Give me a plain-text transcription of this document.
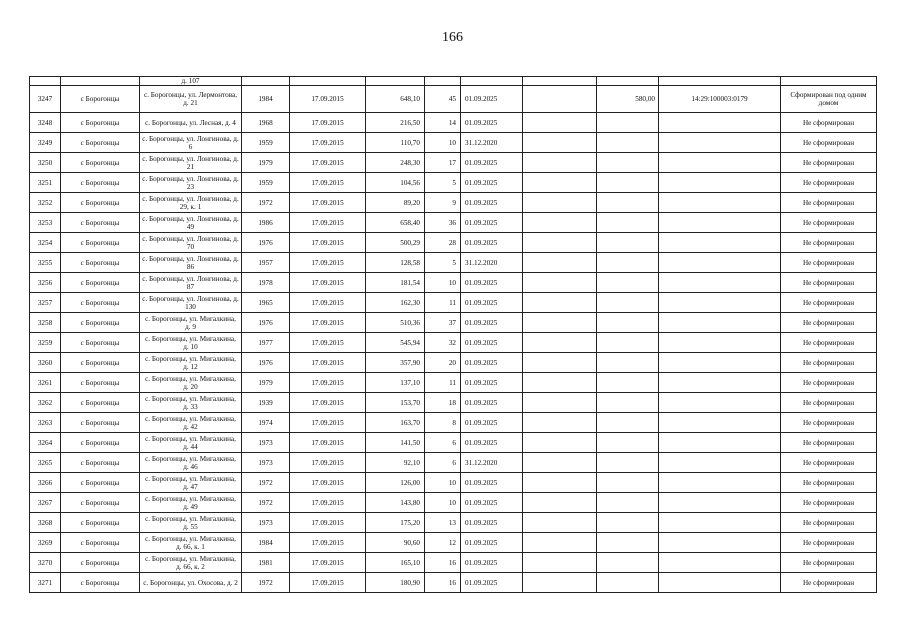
166
		д. 107									
3247	с Борогонцы	с. Борогонцы, ул. Лермонтова, д. 21	1984	17.09.2015	648,10	45	01.09.2025		580,00	14:29:100003:0179	Сформирован под одним домом
3248	с Борогонцы	с. Борогонцы, ул. Лесная, д. 4	1968	17.09.2015	216,50	14	01.09.2025				Не сформирован
3249	с Борогонцы	с. Борогонцы, ул. Лонгинова, д. 6	1959	17.09.2015	110,70	10	31.12.2020				Не сформирован
3250	с Борогонцы	с. Борогонцы, ул. Лонгинова, д. 21	1979	17.09.2015	248,30	17	01.09.2025				Не сформирован
3251	с Борогонцы	с. Борогонцы, ул. Лонгинова, д. 23	1959	17.09.2015	104,56	5	01.09.2025				Не сформирован
3252	с Борогонцы	с. Борогонцы, ул. Лонгинова, д. 29, к. 1	1972	17.09.2015	89,20	9	01.09.2025				Не сформирован
3253	с Борогонцы	с. Борогонцы, ул. Лонгинова, д. 49	1986	17.09.2015	658,40	36	01.09.2025				Не сформирован
3254	с Борогонцы	с. Борогонцы, ул. Лонгинова, д. 70	1976	17.09.2015	500,29	28	01.09.2025				Не сформирован
3255	с Борогонцы	с. Борогонцы, ул. Лонгинова, д. 86	1957	17.09.2015	128,58	5	31.12.2020				Не сформирован
3256	с Борогонцы	с. Борогонцы, ул. Лонгинова, д. 87	1978	17.09.2015	181,54	10	01.09.2025				Не сформирован
3257	с Борогонцы	с. Борогонцы, ул. Лонгинова, д. 130	1965	17.09.2015	162,30	11	01.09.2025				Не сформирован
3258	с Борогонцы	с. Борогонцы, ул. Мигалкина, д. 9	1976	17.09.2015	510,36	37	01.09.2025				Не сформирован
3259	с Борогонцы	с. Борогонцы, ул. Мигалкина, д. 10	1977	17.09.2015	545,94	32	01.09.2025				Не сформирован
3260	с Борогонцы	с. Борогонцы, ул. Мигалкина, д. 12	1976	17.09.2015	357,90	20	01.09.2025				Не сформирован
3261	с Борогонцы	с. Борогонцы, ул. Мигалкина, д. 20	1979	17.09.2015	137,10	11	01.09.2025				Не сформирован
3262	с Борогонцы	с. Борогонцы, ул. Мигалкина, д. 33	1939	17.09.2015	153,70	18	01.09.2025				Не сформирован
3263	с Борогонцы	с. Борогонцы, ул. Мигалкина, д. 42	1974	17.09.2015	163,70	8	01.09.2025				Не сформирован
3264	с Борогонцы	с. Борогонцы, ул. Мигалкина, д. 44	1973	17.09.2015	141,50	6	01.09.2025				Не сформирован
3265	с Борогонцы	с. Борогонцы, ул. Мигалкина, д. 46	1973	17.09.2015	92,10	6	31.12.2020				Не сформирован
3266	с Борогонцы	с. Борогонцы, ул. Мигалкина, д. 47	1972	17.09.2015	126,00	10	01.09.2025				Не сформирован
3267	с Борогонцы	с. Борогонцы, ул. Мигалкина, д. 49	1972	17.09.2015	143,80	10	01.09.2025				Не сформирован
3268	с Борогонцы	с. Борогонцы, ул. Мигалкина, д. 55	1973	17.09.2015	175,20	13	01.09.2025				Не сформирован
3269	с Борогонцы	с. Борогонцы, ул. Мигалкина, д. 66, к. 1	1984	17.09.2015	90,60	12	01.09.2025				Не сформирован
3270	с Борогонцы	с. Борогонцы, ул. Мигалкина, д. 66, к. 2	1981	17.09.2015	165,10	16	01.09.2025				Не сформирован
3271	с Борогонцы	с. Борогонцы, ул. Охосова, д. 2	1972	17.09.2015	180,90	16	01.09.2025				Не сформирован
